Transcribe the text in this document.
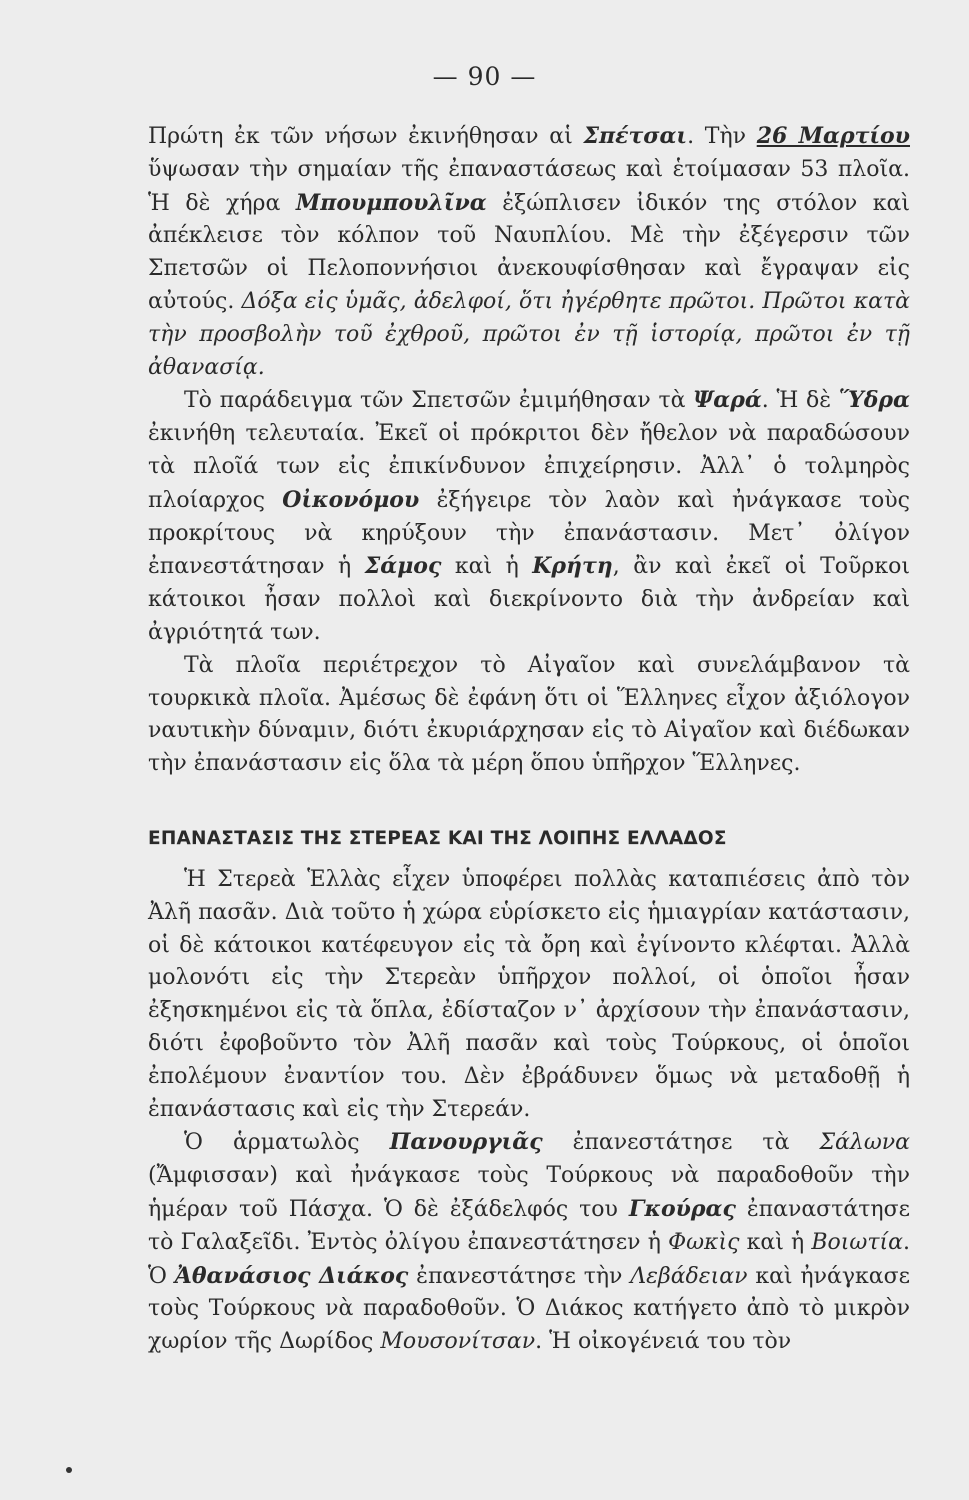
— 90 —

Πρώτη ἐκ τῶν νήσων ἐκινήθησαν αἱ Σπέτσαι. Τὴν 26 Μαρτίου ὕψωσαν τὴν σημαίαν τῆς ἐπαναστάσεως καὶ ἑτοίμασαν 53 πλοῖα. Ἡ δὲ χήρα Μπουμπουλῖνα ἐξώπλισεν ἰδικόν της στόλον καὶ ἀπέκλεισε τὸν κόλπον τοῦ Ναυπλίου. Μὲ τὴν ἐξέγερσιν τῶν Σπετσῶν οἱ Πελοποννήσιοι ἀνεκουφίσθησαν καὶ ἔγραψαν εἰς αὐτούς. Δόξα εἰς ὑμᾶς, ἀδελφοί, ὅτι ἠγέρθητε πρῶτοι. Πρῶτοι κατὰ τὴν προσβολὴν τοῦ ἐχθροῦ, πρῶτοι ἐν τῇ ἱστορίᾳ, πρῶτοι ἐν τῇ ἀθανασίᾳ.

Τὸ παράδειγμα τῶν Σπετσῶν ἐμιμήθησαν τὰ Ψαρά. Ἡ δὲ Ὕδρα ἐκινήθη τελευταία. Ἐκεῖ οἱ πρόκριτοι δὲν ἤθελον νὰ παραδώσουν τὰ πλοῖά των εἰς ἐπικίνδυνον ἐπιχείρησιν. Ἀλλ᾽ ὁ τολμηρὸς πλοίαρχος Οἰκονόμου ἐξήγειρε τὸν λαὸν καὶ ἠνάγκασε τοὺς προκρίτους νὰ κηρύξουν τὴν ἐπανάστασιν. Μετ᾽ ὀλίγον ἐπανεστάτησαν ἡ Σάμος καὶ ἡ Κρήτη, ἂν καὶ ἐκεῖ οἱ Τοῦρκοι κάτοικοι ἦσαν πολλοὶ καὶ διεκρίνοντο διὰ τὴν ἀνδρείαν καὶ ἀγριότητά των.

Τὰ πλοῖα περιέτρεχον τὸ Αἰγαῖον καὶ συνελάμβανον τὰ τουρκικὰ πλοῖα. Ἀμέσως δὲ ἐφάνη ὅτι οἱ Ἕλληνες εἶχον ἀξιόλογον ναυτικὴν δύναμιν, διότι ἐκυριάρχησαν εἰς τὸ Αἰγαῖον καὶ διέδωκαν τὴν ἐπανάστασιν εἰς ὅλα τὰ μέρη ὅπου ὑπῆρχον Ἕλληνες.

ΕΠΑΝΑΣΤΑΣΙΣ ΤΗΣ ΣΤΕΡΕΑΣ ΚΑΙ ΤΗΣ ΛΟΙΠΗΣ ΕΛΛΑΔΟΣ

Ἡ Στερεὰ Ἑλλὰς εἶχεν ὑποφέρει πολλὰς καταπιέσεις ἀπὸ τὸν Ἀλῆ πασᾶν. Διὰ τοῦτο ἡ χώρα εὑρίσκετο εἰς ἡμιαγρίαν κατάστασιν, οἱ δὲ κάτοικοι κατέφευγον εἰς τὰ ὄρη καὶ ἐγίνοντο κλέφται. Ἀλλὰ μολονότι εἰς τὴν Στερεὰν ὑπῆρχον πολλοί, οἱ ὁποῖοι ἦσαν ἐξησκημένοι εἰς τὰ ὅπλα, ἐδίσταζον ν᾽ ἀρχίσουν τὴν ἐπανάστασιν, διότι ἐφοβοῦντο τὸν Ἀλῆ πασᾶν καὶ τοὺς Τούρκους, οἱ ὁποῖοι ἐπολέμουν ἐναντίον του. Δὲν ἐβράδυνεν ὅμως νὰ μεταδοθῇ ἡ ἐπανάστασις καὶ εἰς τὴν Στερεάν.

Ὁ ἁρματωλὸς Πανουργιᾶς ἐπανεστάτησε τὰ Σάλωνα (Ἄμφισσαν) καὶ ἠνάγκασε τοὺς Τούρκους νὰ παραδοθοῦν τὴν ἡμέραν τοῦ Πάσχα. Ὁ δὲ ἐξάδελφός του Γκούρας ἐπαναστάτησε τὸ Γαλαξεῖδι. Ἐντὸς ὀλίγου ἐπανεστάτησεν ἡ Φωκὶς καὶ ἡ Βοιωτία. Ὁ Ἀθανάσιος Διάκος ἐπανεστάτησε τὴν Λεβάδειαν καὶ ἠνάγκασε τοὺς Τούρκους νὰ παραδοθοῦν. Ὁ Διάκος κατήγετο ἀπὸ τὸ μικρὸν χωρίον τῆς Δωρίδος Μουσονίτσαν. Ἡ οἰκογένειά του τὸν
